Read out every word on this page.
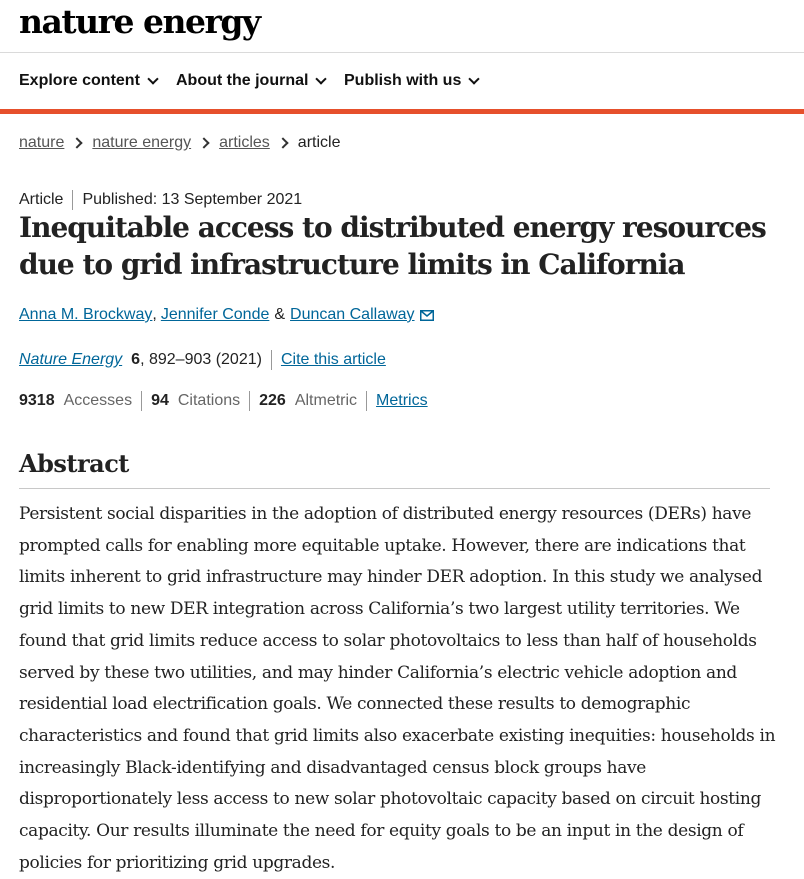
nature energy
Explore content About the journal Publish with us
nature nature energy articles article
Article Published: 13 September 2021
Inequitable access to distributed energy resources due to grid infrastructure limits in California
Anna M. Brockway , Jennifer Conde & Duncan Callaway
Nature Energy 6 , 892–903 (2021) Cite this article
9318 Accesses 94 Citations 226 Altmetric Metrics
Abstract

Persistent social disparities in the adoption of distributed energy resources (DERs) have prompted calls for enabling more equitable uptake. However, there are indications that limits inherent to grid infrastructure may hinder DER adoption. In this study we analysed grid limits to new DER integration across California’s two largest utility territories. We found that grid limits reduce access to solar photovoltaics to less than half of households served by these two utilities, and may hinder California’s electric vehicle adoption and residential load electrification goals. We connected these results to demographic characteristics and found that grid limits also exacerbate existing inequities: households in increasingly Black-identifying and disadvantaged census block groups have disproportionately less access to new solar photovoltaic capacity based on circuit hosting capacity. Our results illuminate the need for equity goals to be an input in the design of policies for prioritizing grid upgrades.
